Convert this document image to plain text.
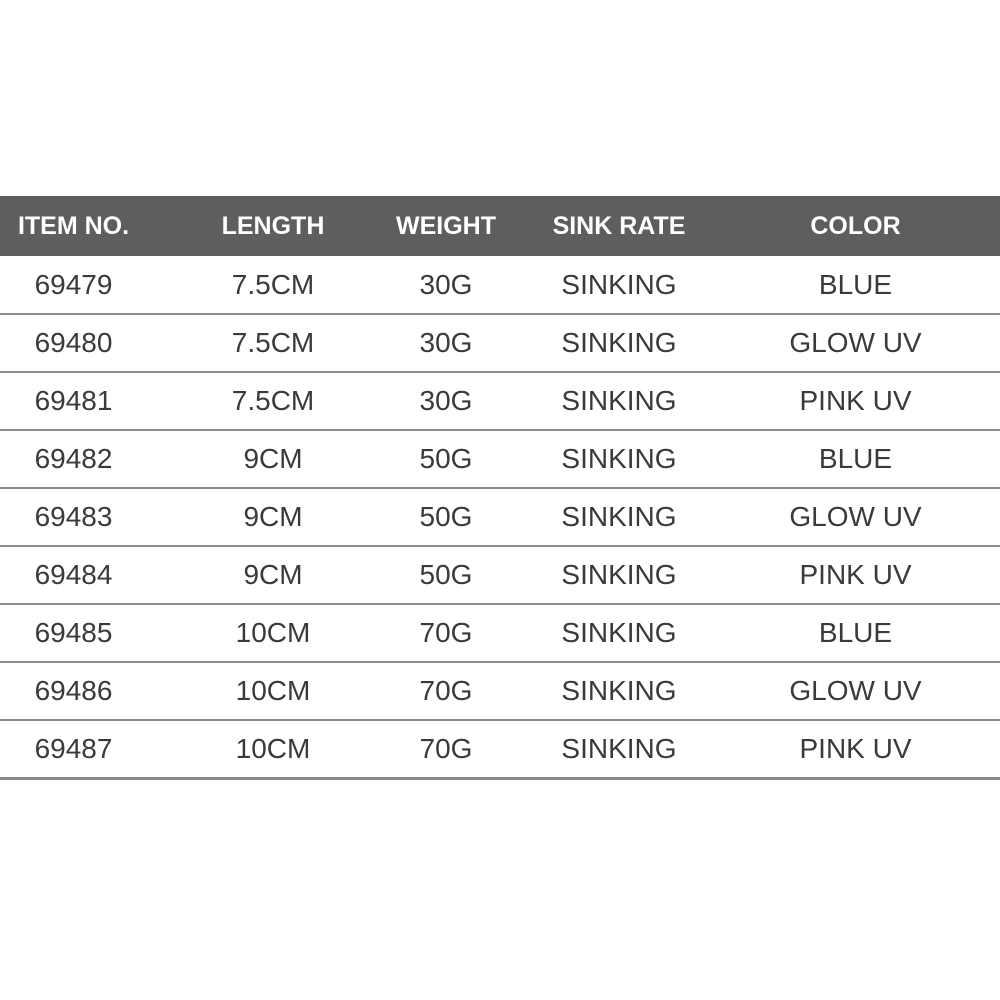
ITEM NO.	LENGTH	WEIGHT	SINK RATE	COLOR
69479	7.5CM	30G	SINKING	BLUE
69480	7.5CM	30G	SINKING	GLOW UV
69481	7.5CM	30G	SINKING	PINK UV
69482	9CM	50G	SINKING	BLUE
69483	9CM	50G	SINKING	GLOW UV
69484	9CM	50G	SINKING	PINK UV
69485	10CM	70G	SINKING	BLUE
69486	10CM	70G	SINKING	GLOW UV
69487	10CM	70G	SINKING	PINK UV
